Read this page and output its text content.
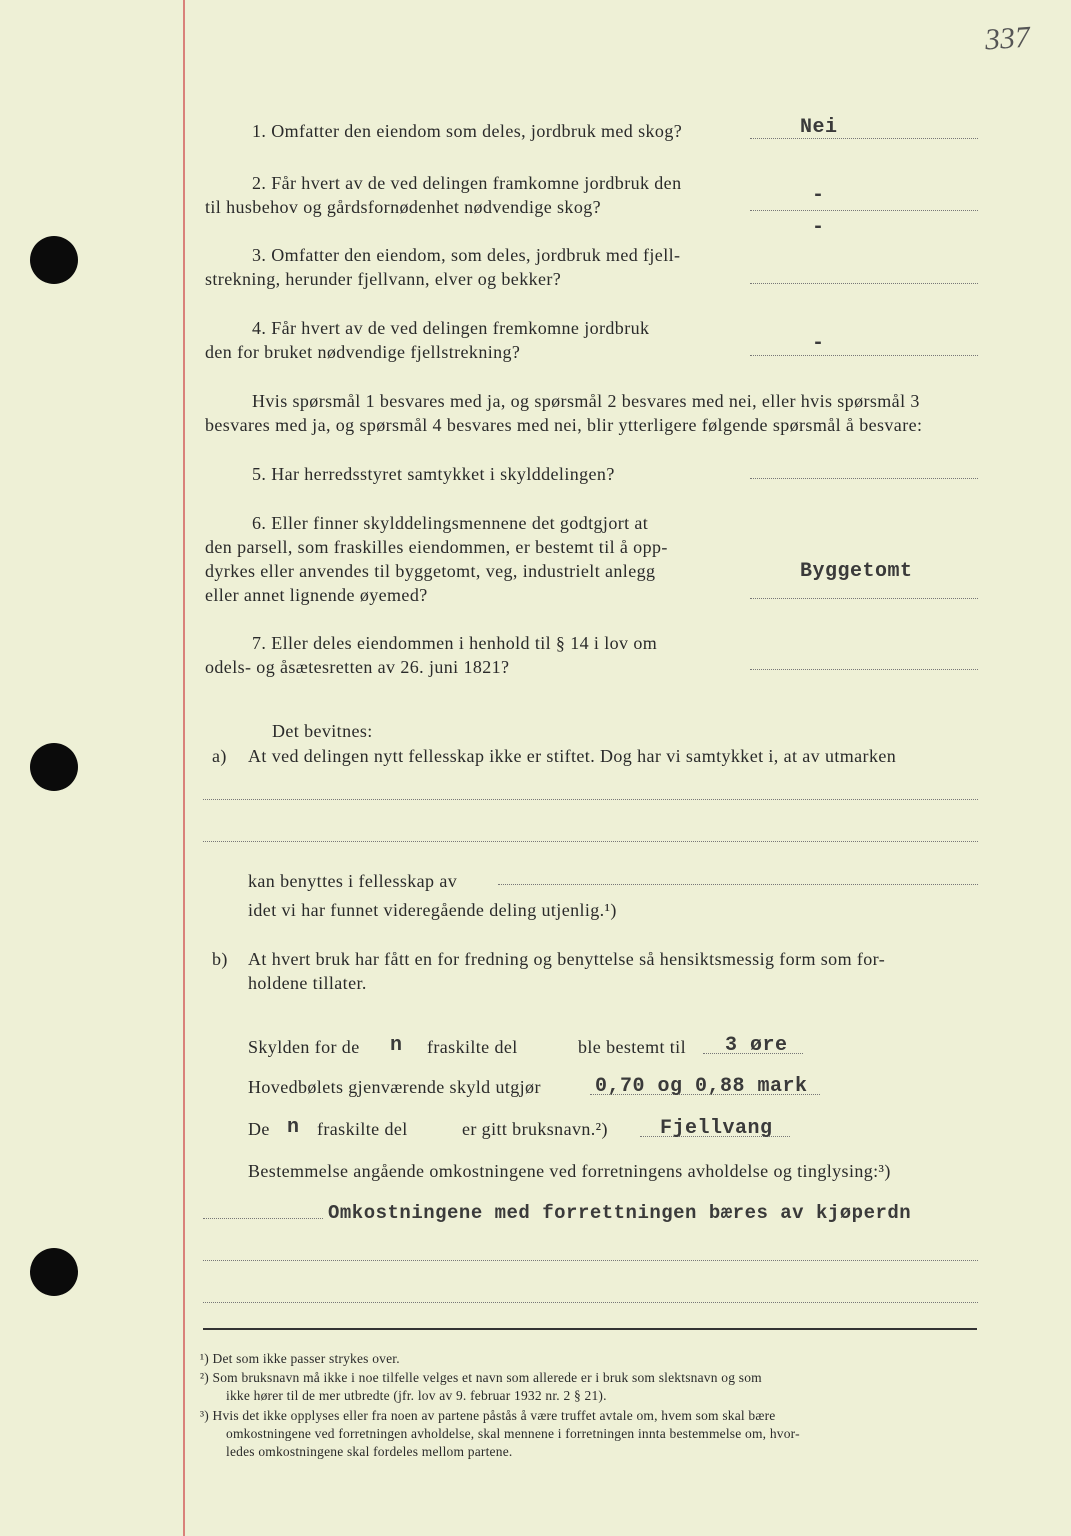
337
1. Omfatter den eiendom som deles, jordbruk med skog?	Nei
2. Får hvert av de ved delingen framkomne jordbruk den
til husbehov og gårdsfornødenhet nødvendige skog?	-
3. Omfatter den eiendom, som deles, jordbruk med fjell-
strekning, herunder fjellvann, elver og bekker?
-
4. Får hvert av de ved delingen fremkomne jordbruk
den for bruket nødvendige fjellstrekning?	-
Hvis spørsmål 1 besvares med ja, og spørsmål 2 besvares med nei, eller hvis spørsmål 3
besvares med ja, og spørsmål 4 besvares med nei, blir ytterligere følgende spørsmål å besvare:
5. Har herredsstyret samtykket i skylddelingen?
6. Eller finner skylddelingsmennene det godtgjort at
den parsell, som fraskilles eiendommen, er bestemt til å opp-
dyrkes eller anvendes til byggetomt, veg, industrielt anlegg
eller annet lignende øyemed?
Byggetomt
7. Eller deles eiendommen i henhold til § 14 i lov om
odels- og åsætesretten av 26. juni 1821?
Det bevitnes:
a) At ved delingen nytt fellesskap ikke er stiftet. Dog har vi samtykket i, at av utmarken
kan benyttes i fellesskap av
idet vi har funnet videregående deling utjenlig.¹)
b) At hvert bruk har fått en for fredning og benyttelse så hensiktsmessig form som for-
holdene tillater.
Skylden for de n fraskilte del	ble bestemt til 3 øre
Hovedbølets gjenværende skyld utgjør	0,70 og 0,88 mark
De n fraskilte del	er gitt bruksnavn.²)	Fjellvang
Bestemmelse angående omkostningene ved forretningens avholdelse og tinglysing:³)
Omkostningene med forrettningen bæres av kjøperdn
¹) Det som ikke passer strykes over.
²) Som bruksnavn må ikke i noe tilfelle velges et navn som allerede er i bruk som slektsnavn og som
ikke hører til de mer utbredte (jfr. lov av 9. februar 1932 nr. 2 § 21).
³) Hvis det ikke opplyses eller fra noen av partene påstås å være truffet avtale om, hvem som skal bære
omkostningene ved forretningen avholdelse, skal mennene i forretningen innta bestemmelse om, hvor-
ledes omkostningene skal fordeles mellom partene.
